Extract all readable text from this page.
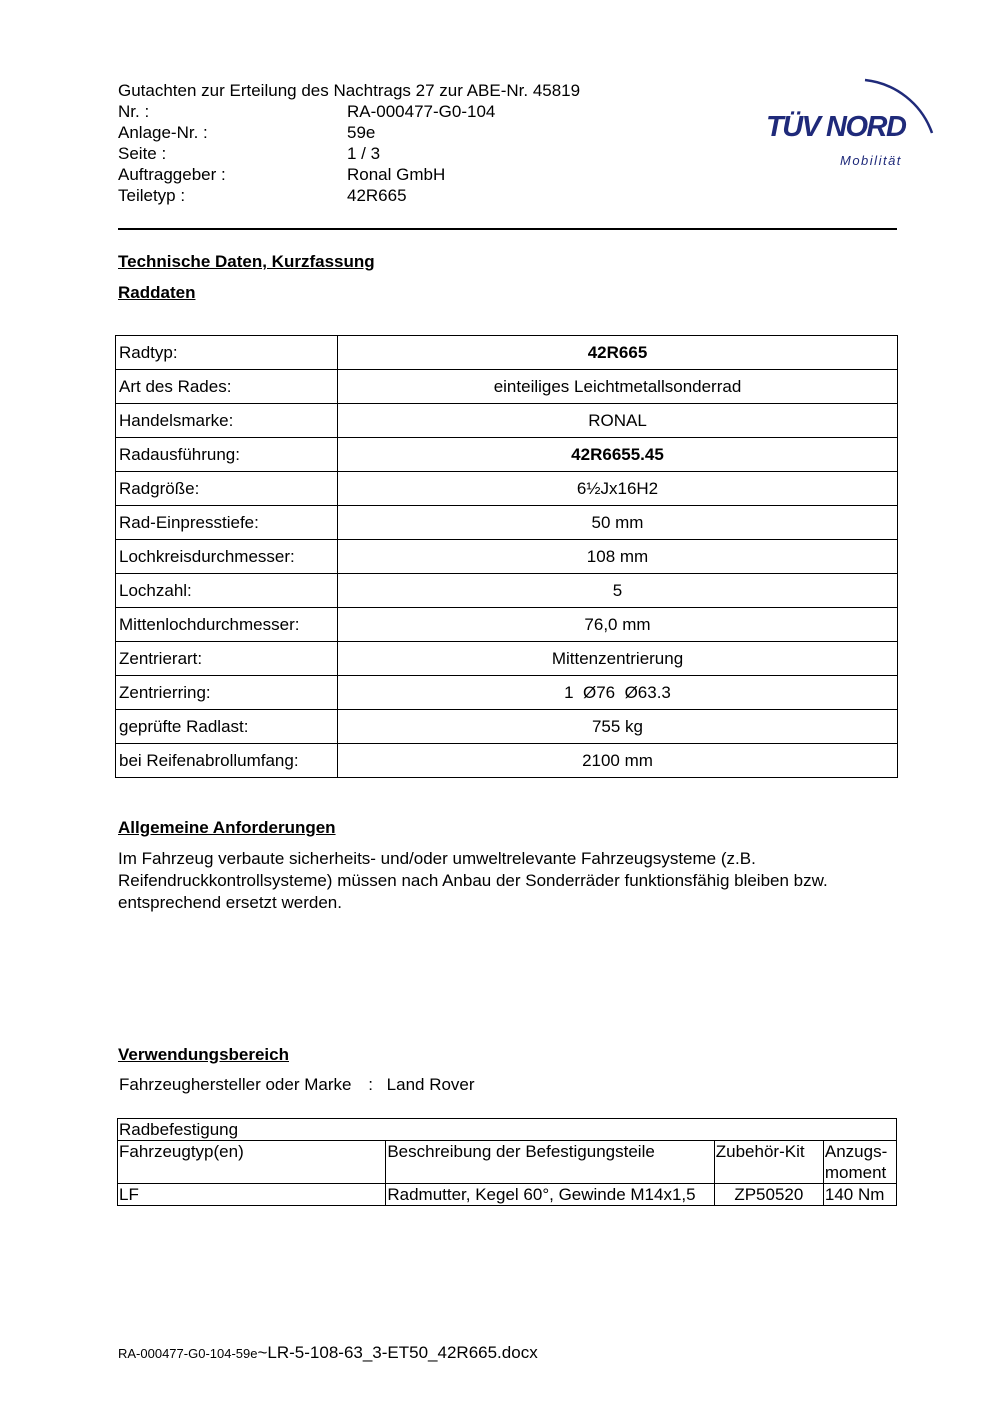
Gutachten zur Erteilung des Nachtrags 27 zur ABE-Nr. 45819
Nr. :	RA-000477-G0-104
Anlage-Nr. :	59e
Seite :	1 / 3
Auftraggeber :	Ronal GmbH
Teiletyp :	42R665
TÜV NORD
Mobilität
Technische Daten, Kurzfassung
Raddaten
Radtyp:	42R665
Art des Rades:	einteiliges Leichtmetallsonderrad
Handelsmarke:	RONAL
Radausführung:	42R6655.45
Radgröße:	6½Jx16H2
Rad-Einpresstiefe:	50 mm
Lochkreisdurchmesser:	108 mm
Lochzahl:	5
Mittenlochdurchmesser:	76,0 mm
Zentrierart:	Mittenzentrierung
Zentrierring:	1  Ø76  Ø63.3
geprüfte Radlast:	755 kg
bei Reifenabrollumfang:	2100 mm
Allgemeine Anforderungen
Im Fahrzeug verbaute sicherheits- und/oder umweltrelevante Fahrzeugsysteme (z.B. Reifendruckkontrollsysteme) müssen nach Anbau der Sonderräder funktionsfähig bleiben bzw. entsprechend ersetzt werden.
Verwendungsbereich
Fahrzeughersteller oder Marke : Land Rover
Radbefestigung			
Fahrzeugtyp(en)	Beschreibung der Befestigungsteile	Zubehör-Kit	Anzugs-moment
LF	Radmutter, Kegel 60°, Gewinde M14x1,5	ZP50520	140 Nm
RA-000477-G0-104-59e~LR-5-108-63_3-ET50_42R665.docx
